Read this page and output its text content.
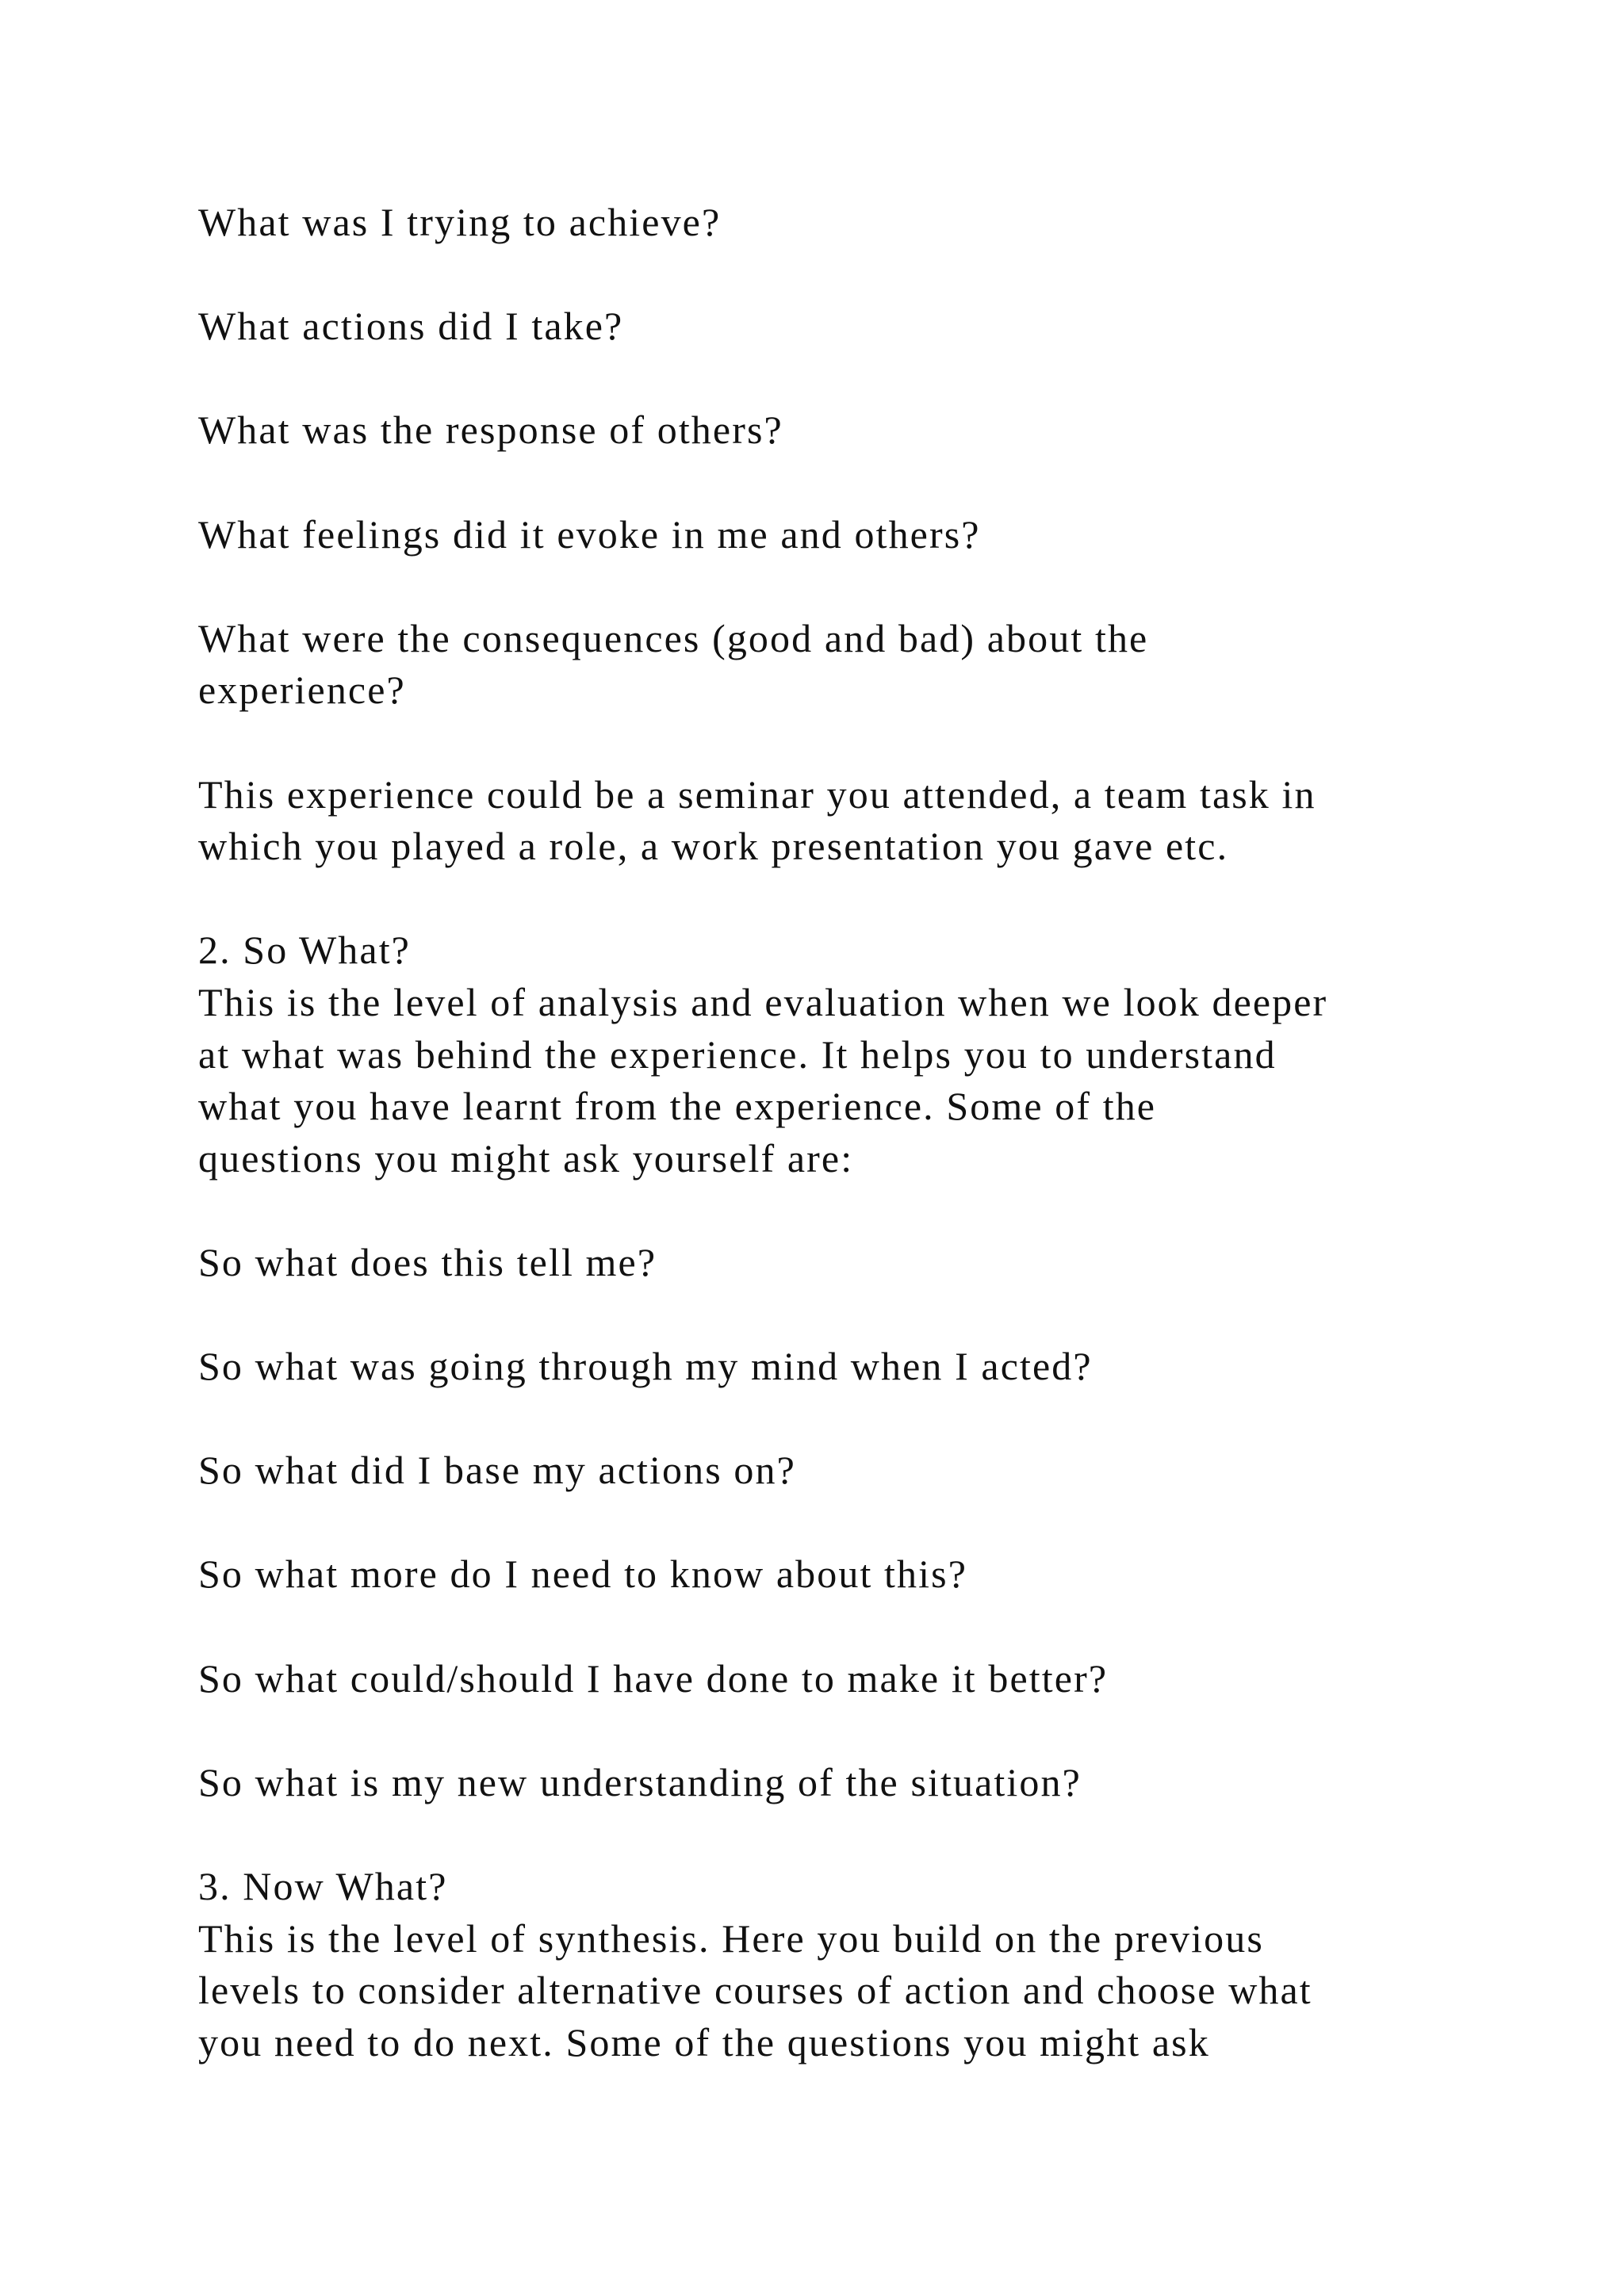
What was I trying to achieve?
What actions did I take?
What was the response of others?
What feelings did it evoke in me and others?
What were the consequences (good and bad) about the
experience?
This experience could be a seminar you attended, a team task in
which you played a role, a work presentation you gave etc.
2. So What?
This is the level of analysis and evaluation when we look deeper
at what was behind the experience. It helps you to understand
what you have learnt from the experience. Some of the
questions you might ask yourself are:
So what does this tell me?
So what was going through my mind when I acted?
So what did I base my actions on?
So what more do I need to know about this?
So what could/should I have done to make it better?
So what is my new understanding of the situation?
3. Now What?
This is the level of synthesis. Here you build on the previous
levels to consider alternative courses of action and choose what
you need to do next. Some of the questions you might ask
